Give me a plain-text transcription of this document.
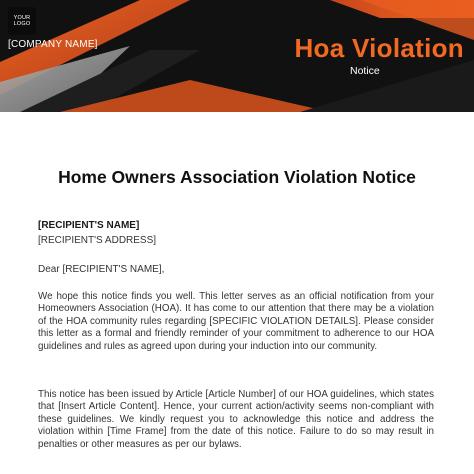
YOUR
LOGO
[COMPANY NAME]	Hoa Violation
Notice
Home Owners Association Violation Notice
[RECIPIENT'S NAME]
[RECIPIENT'S ADDRESS]
Dear [RECIPIENT'S NAME],
We hope this notice finds you well. This letter serves as an official notification from your Homeowners Association (HOA). It has come to our attention that there may be a violation of the HOA community rules regarding [SPECIFIC VIOLATION DETAILS]. Please consider this letter as a formal and friendly reminder of your commitment to adherence to our HOA guidelines and rules as agreed upon during your induction into our community.
This notice has been issued by Article [Article Number] of our HOA guidelines, which states that [Insert Article Content]. Hence, your current action/activity seems non-compliant with these guidelines. We kindly request you to acknowledge this notice and address the violation within [Time Frame] from the date of this notice. Failure to do so may result in penalties or other measures as per our bylaws.
